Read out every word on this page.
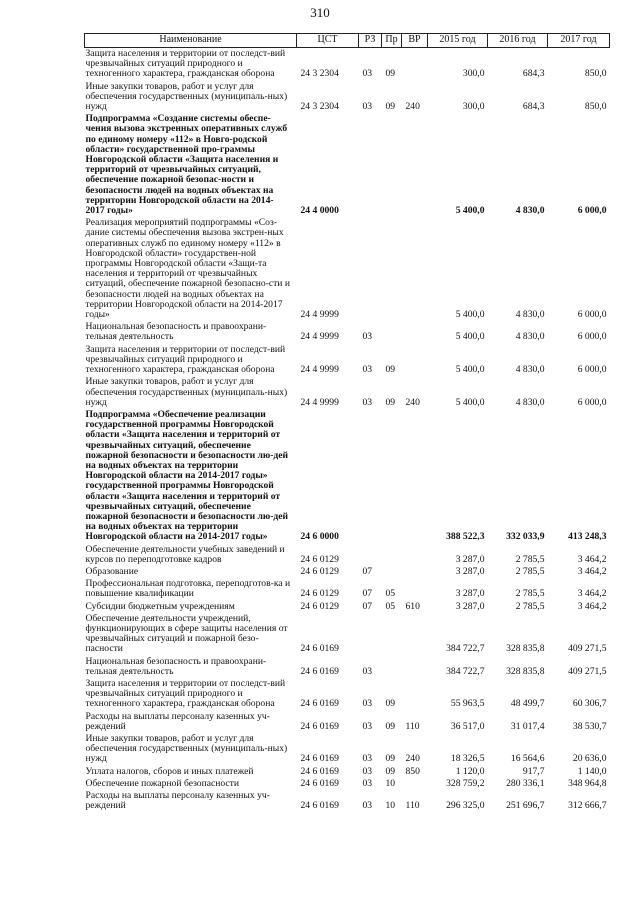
310
Наименование	ЦСТ	РЗ	Пр	ВР	2015 год	2016 год	2017 год
Защита населения и территории от последст-вий чрезвычайных ситуаций природного и техногенного характера, гражданская оборона	24 3 2304	03	09		300,0	684,3	850,0
Иные закупки товаров, работ и услуг для обеспечения государственных (муниципаль-ных) нужд	24 3 2304	03	09	240	300,0	684,3	850,0
Подпрограмма «Создание системы обеспе-чения вызова экстренных оперативных служб по единому номеру «112» в Новго-родской области» государственной про-граммы Новгородской области «Защита населения и территорий от чрезвычайных ситуаций, обеспечение пожарной безопас-ности и безопасности людей на водных объектах на территории Новгородской области на 2014-2017 годы»	24 4 0000				5 400,0	4 830,0	6 000,0
Реализация мероприятий подпрограммы «Соз-дание системы обеспечения вызова экстрен-ных оперативных служб по единому номеру «112» в Новгородской области» государствен-ной программы Новгородской области «Защи-та населения и территорий от чрезвычайных ситуаций, обеспечение пожарной безопасно-сти и безопасности людей на водных объектах на территории Новгородской области на 2014-2017 годы»	24 4 9999				5 400,0	4 830,0	6 000,0
Национальная безопасность и правоохрани-тельная деятельность	24 4 9999	03			5 400,0	4 830,0	6 000,0
Защита населения и территории от последст-вий чрезвычайных ситуаций природного и техногенного характера, гражданская оборона	24 4 9999	03	09		5 400,0	4 830,0	6 000,0
Иные закупки товаров, работ и услуг для обеспечения государственных (муниципаль-ных) нужд	24 4 9999	03	09	240	5 400,0	4 830,0	6 000,0
Подпрограмма «Обеспечение реализации государственной программы Новгородской области «Защита населения и территорий от чрезвычайных ситуаций, обеспечение пожарной безопасности и безопасности лю-дей на водных объектах на территории Новгородской области на 2014-2017 годы» государственной программы Новгородской области «Защита населения и территорий от чрезвычайных ситуаций, обеспечение пожарной безопасности и безопасности лю-дей на водных объектах на территории Новгородской области на 2014-2017 годы»	24 6 0000				388 522,3	332 033,9	413 248,3
Обеспечение деятельности учебных заведений и курсов по переподготовке кадров	24 6 0129				3 287,0	2 785,5	3 464,2
Образование	24 6 0129	07			3 287,0	2 785,5	3 464,2
Профессиональная подготовка, переподготов-ка и повышение квалификации	24 6 0129	07	05		3 287,0	2 785,5	3 464,2
Субсидии бюджетным учреждениям	24 6 0129	07	05	610	3 287,0	2 785,5	3 464,2
Обеспечение деятельности учреждений, функционирующих в сфере защиты населения от чрезвычайных ситуаций и пожарной безо-пасности	24 6 0169				384 722,7	328 835,8	409 271,5
Национальная безопасность и правоохрани-тельная деятельность	24 6 0169	03			384 722,7	328 835,8	409 271,5
Защита населения и территории от последст-вий чрезвычайных ситуаций природного и техногенного характера, гражданская оборона	24 6 0169	03	09		55 963,5	48 499,7	60 306,7
Расходы на выплаты персоналу казенных уч-реждений	24 6 0169	03	09	110	36 517,0	31 017,4	38 530,7
Иные закупки товаров, работ и услуг для обеспечения государственных (муниципаль-ных) нужд	24 6 0169	03	09	240	18 326,5	16 564,6	20 636,0
Уплата налогов, сборов и иных платежей	24 6 0169	03	09	850	1 120,0	917,7	1 140,0
Обеспечение пожарной безопасности	24 6 0169	03	10		328 759,2	280 336,1	348 964,8
Расходы на выплаты персоналу казенных уч-реждений	24 6 0169	03	10	110	296 325,0	251 696,7	312 666,7
